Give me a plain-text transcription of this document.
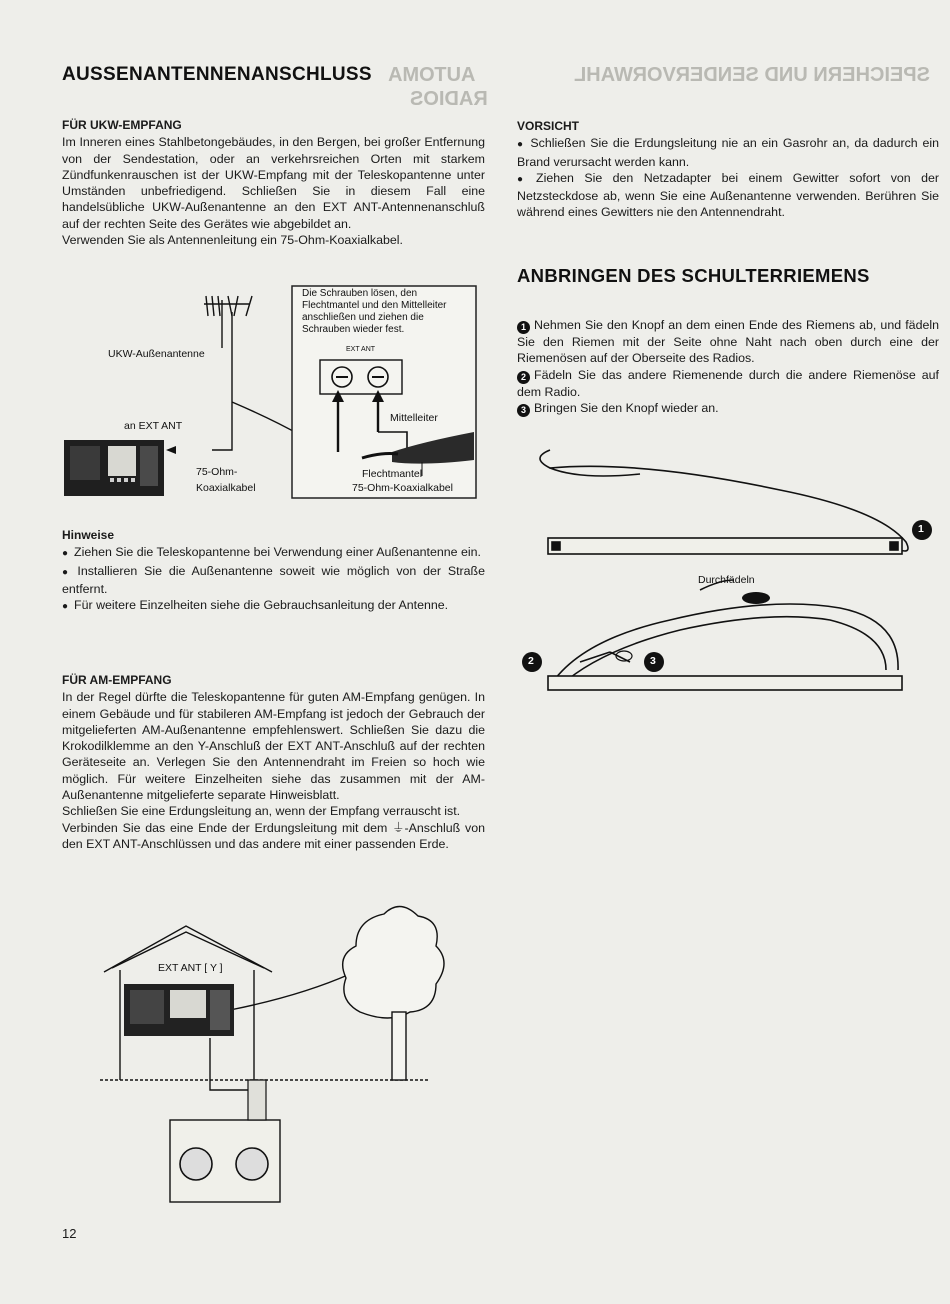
AUTOMA
RADIOS
SPEICHERN UND SENDERVORWAHL
AUSSENANTENNENANSCHLUSS
FÜR UKW-EMPFANG

Im Inneren eines Stahlbetongebäudes, in den Bergen, bei großer Entfernung von der Sendestation, oder an verkehrsreichen Orten mit starkem Zündfunkenrauschen ist der UKW-Empfang mit der Teleskopantenne unter Umständen unbefriedigend. Schließen Sie in diesem Fall eine handelsübliche UKW-Außenantenne an den EXT ANT-Antennenanschluß auf der rechten Seite des Gerätes wie abgebildet an.

Verwenden Sie als Antennenleitung ein 75-Ohm-Koaxialkabel.

UKW-Außenantenne
an EXT ANT
75-Ohm-
Koaxialkabel
Die Schrauben lösen, den Flechtmantel und den Mittelleiter anschließen und ziehen die Schrauben wieder fest.
EXT ANT
Mittelleiter
Flechtmantel
75-Ohm-Koaxialkabel
Hinweise

● Ziehen Sie die Teleskopantenne bei Verwendung einer Außenantenne ein.

● Installieren Sie die Außenantenne soweit wie möglich von der Straße entfernt.

● Für weitere Einzelheiten siehe die Gebrauchsanleitung der Antenne.

FÜR AM-EMPFANG

In der Regel dürfte die Teleskopantenne für guten AM-Empfang genügen. In einem Gebäude und für stabileren AM-Empfang ist jedoch der Gebrauch der mitgelieferten AM-Außenantenne empfehlenswert. Schließen Sie dazu die Krokodilklemme an den Y-Anschluß der EXT ANT-Anschluß auf der rechten Geräteseite an. Verlegen Sie den Antennendraht im Freien so hoch wie möglich. Für weitere Einzelheiten siehe das zusammen mit der AM-Außenantenne mitgelieferte separate Hinweisblatt.

Schließen Sie eine Erdungsleitung an, wenn der Empfang verrauscht ist.

Verbinden Sie das eine Ende der Erdungsleitung mit dem ⏚-Anschluß von den EXT ANT-Anschlüssen und das andere mit einer passenden Erde.

EXT ANT [ Y ]
12
VORSICHT

● Schließen Sie die Erdungsleitung nie an ein Gasrohr an, da dadurch ein Brand verursacht werden kann.

● Ziehen Sie den Netzadapter bei einem Gewitter sofort von der Netzsteckdose ab, wenn Sie eine Außenantenne verwenden. Berühren Sie während eines Gewitters nie den Antennendraht.

ANBRINGEN DES SCHULTERRIEMENS

1 Nehmen Sie den Knopf an dem einen Ende des Riemens ab, und fädeln Sie den Riemen mit der Seite ohne Naht nach oben durch eine der Riemenösen auf der Oberseite des Radios.

2 Fädeln Sie das andere Riemenende durch die andere Riemenöse auf dem Radio.

3 Bringen Sie den Knopf wieder an.

1
2	3
Durchfädeln
